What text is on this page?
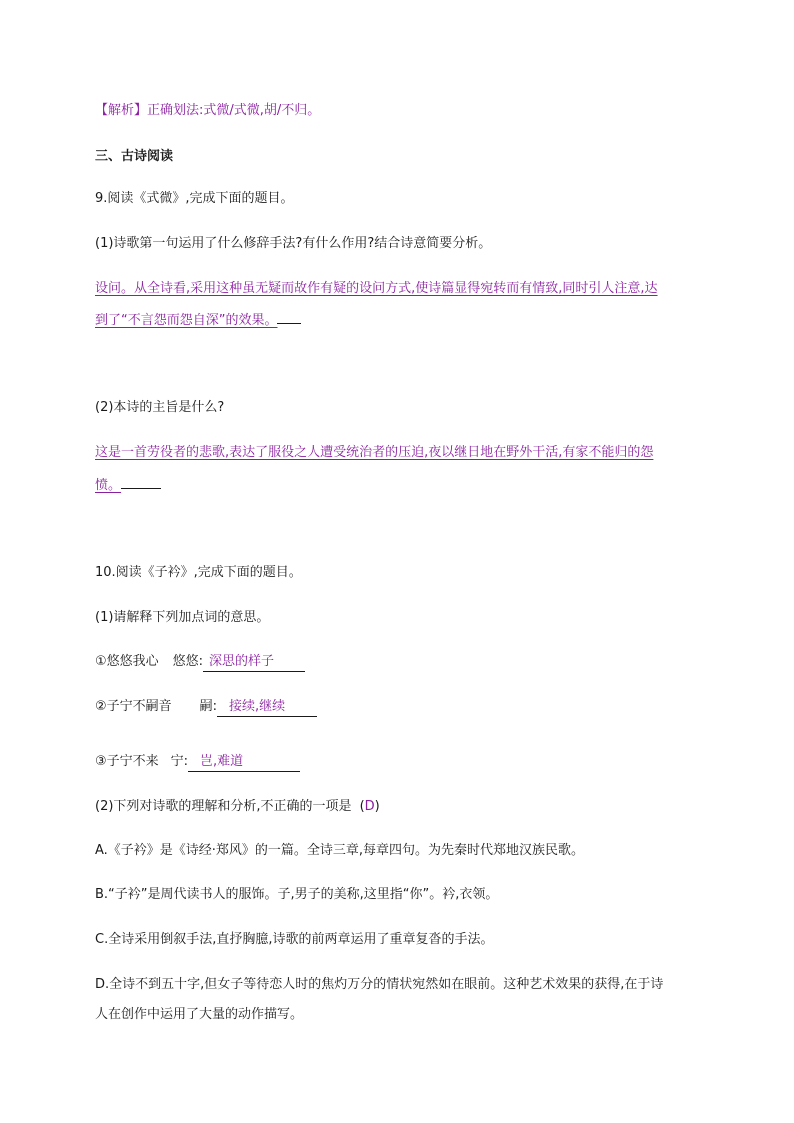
【解析】正确划法:式微/式微,胡/不归。
三、古诗阅读
9.阅读《式微》,完成下面的题目。
(1)诗歌第一句运用了什么修辞手法?有什么作用?结合诗意简要分析。
设问。从全诗看,采用这种虽无疑而故作有疑的设问方式,使诗篇显得宛转而有情致,同时引人注意,达
到了“不言怨而怨自深”的效果。
(2)本诗的主旨是什么?
这是一首劳役者的悲歌,表达了服役之人遭受统治者的压迫,夜以继日地在野外干活,有家不能归的怨
愤。
10.阅读《子衿》,完成下面的题目。
(1)请解释下列加点词的意思。
①悠悠我心 悠悠: 深思的样子
②子宁不嗣音 嗣: 接续,继续
③子宁不来 宁: 岂,难道
(2)下列对诗歌的理解和分析,不正确的一项是 (D)
A.《子衿》是《诗经·郑风》的一篇。全诗三章,每章四句。为先秦时代郑地汉族民歌。
B.“子衿”是周代读书人的服饰。子,男子的美称,这里指“你”。衿,衣领。
C.全诗采用倒叙手法,直抒胸臆,诗歌的前两章运用了重章复沓的手法。
D.全诗不到五十字,但女子等待恋人时的焦灼万分的情状宛然如在眼前。这种艺术效果的获得,在于诗
人在创作中运用了大量的动作描写。
